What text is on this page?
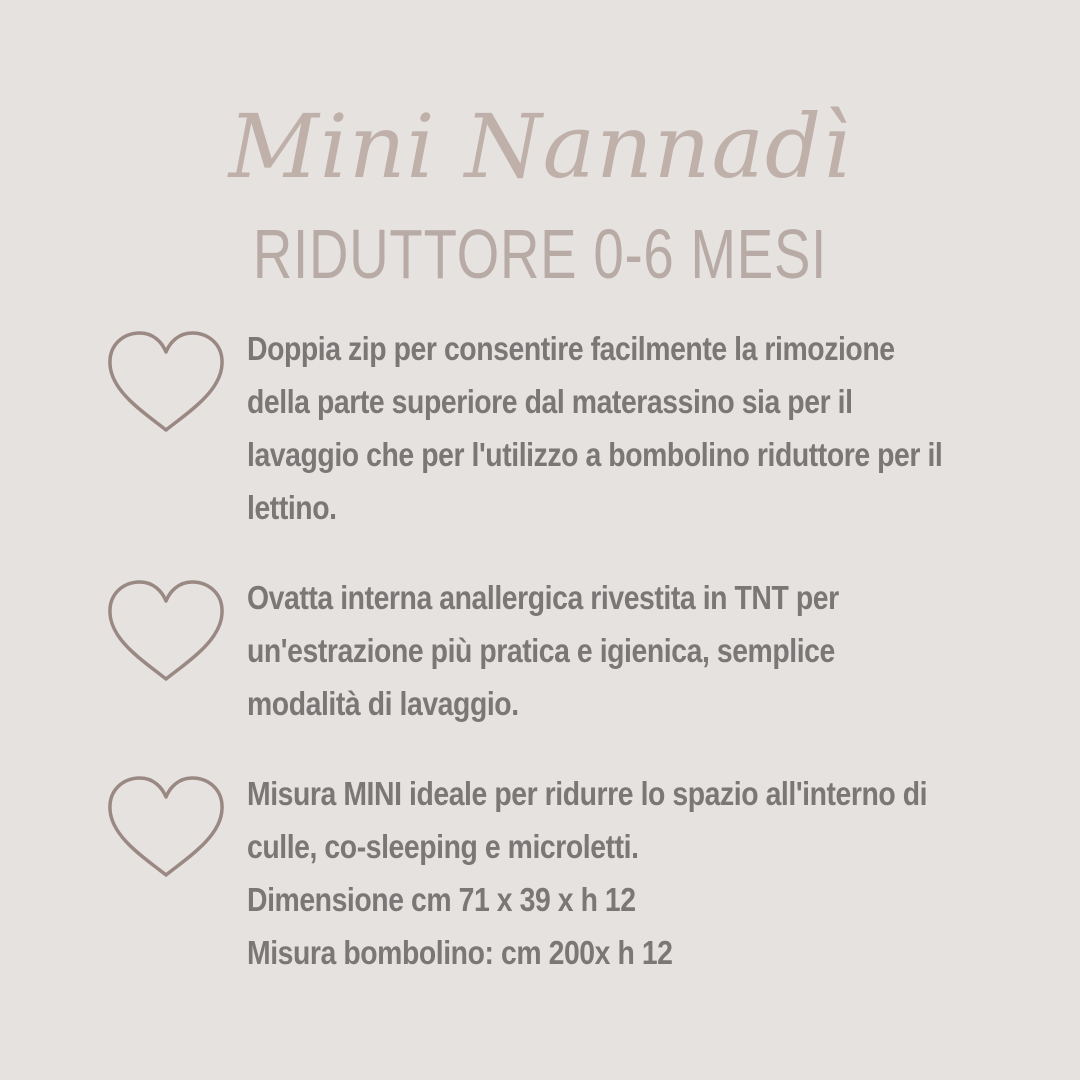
Mini Nannadì
RIDUTTORE 0-6 MESI
Doppia zip per consentire facilmente la rimozione
della parte superiore dal materassino sia per il
lavaggio che per l'utilizzo a bombolino riduttore per il
lettino.
Ovatta interna anallergica rivestita in TNT per
un'estrazione più pratica e igienica, semplice
modalità di lavaggio.
Misura MINI ideale per ridurre lo spazio all'interno di
culle, co-sleeping e microletti.
Dimensione cm 71 x 39 x h 12
Misura bombolino: cm 200x h 12
